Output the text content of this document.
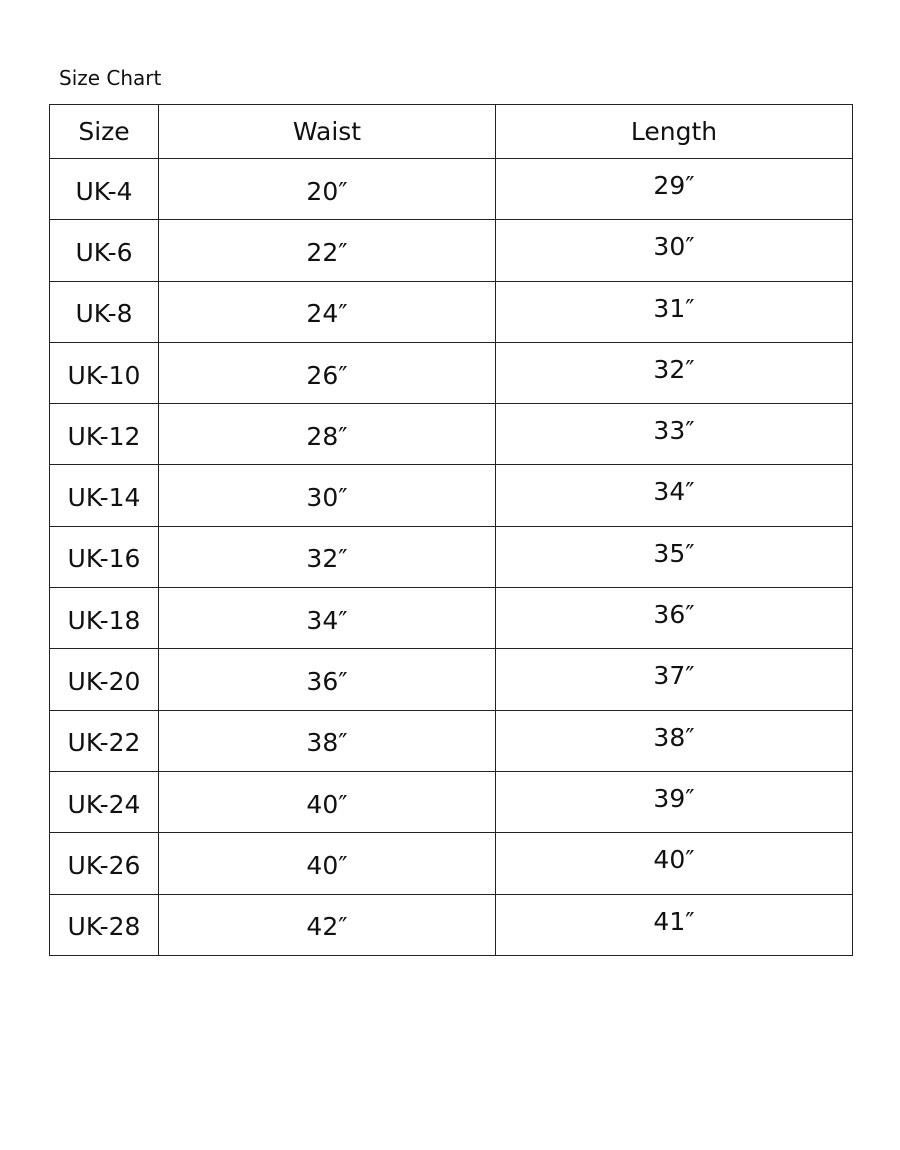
Size Chart
Size	Waist	Length
UK-4	20″	29″
UK-6	22″	30″
UK-8	24″	31″
UK-10	26″	32″
UK-12	28″	33″
UK-14	30″	34″
UK-16	32″	35″
UK-18	34″	36″
UK-20	36″	37″
UK-22	38″	38″
UK-24	40″	39″
UK-26	40″	40″
UK-28	42″	41″
